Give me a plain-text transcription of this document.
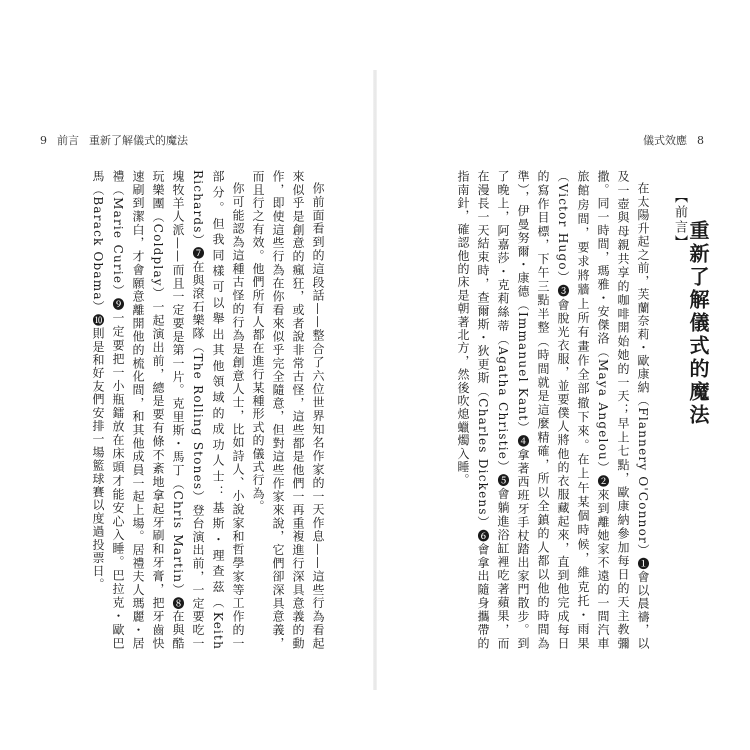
9 前言 重新了解儀式的魔法	儀式效應 8
【前言】 重新了解儀式的魔法

在太陽升起之前，芙蘭奈莉・歐康納（Flannery O'Connor）❶會以晨禱，以及一壺與母親共享的咖啡開始她的一天；早上七點，歐康納參加每日的天主教彌撒。同一時間，瑪雅・安傑洛（Maya Angelou）❷來到離她家不遠的一間汽車旅館房間，要求將牆上所有畫作全部撤下來。在上午某個時候，維克托・雨果（Victor Hugo）❸會脫光衣服，並要僕人將他的衣服藏起來，直到他完成每日的寫作目標，下午三點半整（時間就是這麼精確，所以全鎮的人都以他的時間為準），伊曼努爾・康德（Immanuel Kant）❹拿著西班牙手杖踏出家門散步。到了晚上，阿嘉莎・克莉絲蒂（Agatha Christie）❺會躺進浴缸裡吃著蘋果，而在漫長一天結束時，查爾斯・狄更斯（Charles Dickens）❻會拿出隨身攜帶的指南針，確認他的床是朝著北方，然後吹熄蠟燭入睡。

你前面看到的這段話——整合了六位世界知名作家的一天作息——這些行為看起來似乎是創意的瘋狂，或者說非常古怪，這些都是他們一再重複進行深具意義的動作，即使這些行為在你看來似乎完全隨意，但對這些作家來說，它們卻深具意義，而且行之有效。他們所有人都在進行某種形式的儀式行為。

你可能認為這種古怪的行為是創意人士，比如詩人、小說家和哲學家等工作的一部分。但我同樣可以舉出其他領域的成功人士：基斯・理查茲（Keith Richards）❼在與滾石樂隊（The Rolling Stones）登台演出前，一定要吃一塊牧羊人派——而且一定要是第一片。克里斯・馬丁（Chris Martin）❽在與酷玩樂團（Coldplay）一起演出前，總是要有條不紊地拿起牙刷和牙膏，把牙齒快速刷到潔白，才會願意離開他的梳化間，和其他成員一起上場。居禮夫人瑪麗・居禮（Marie Curie）❾一定要把一小瓶鐳放在床頭才能安心入睡。巴拉克・歐巴馬（Barack Obama）❿則是和好友們安排一場籃球賽以度過投票日。
